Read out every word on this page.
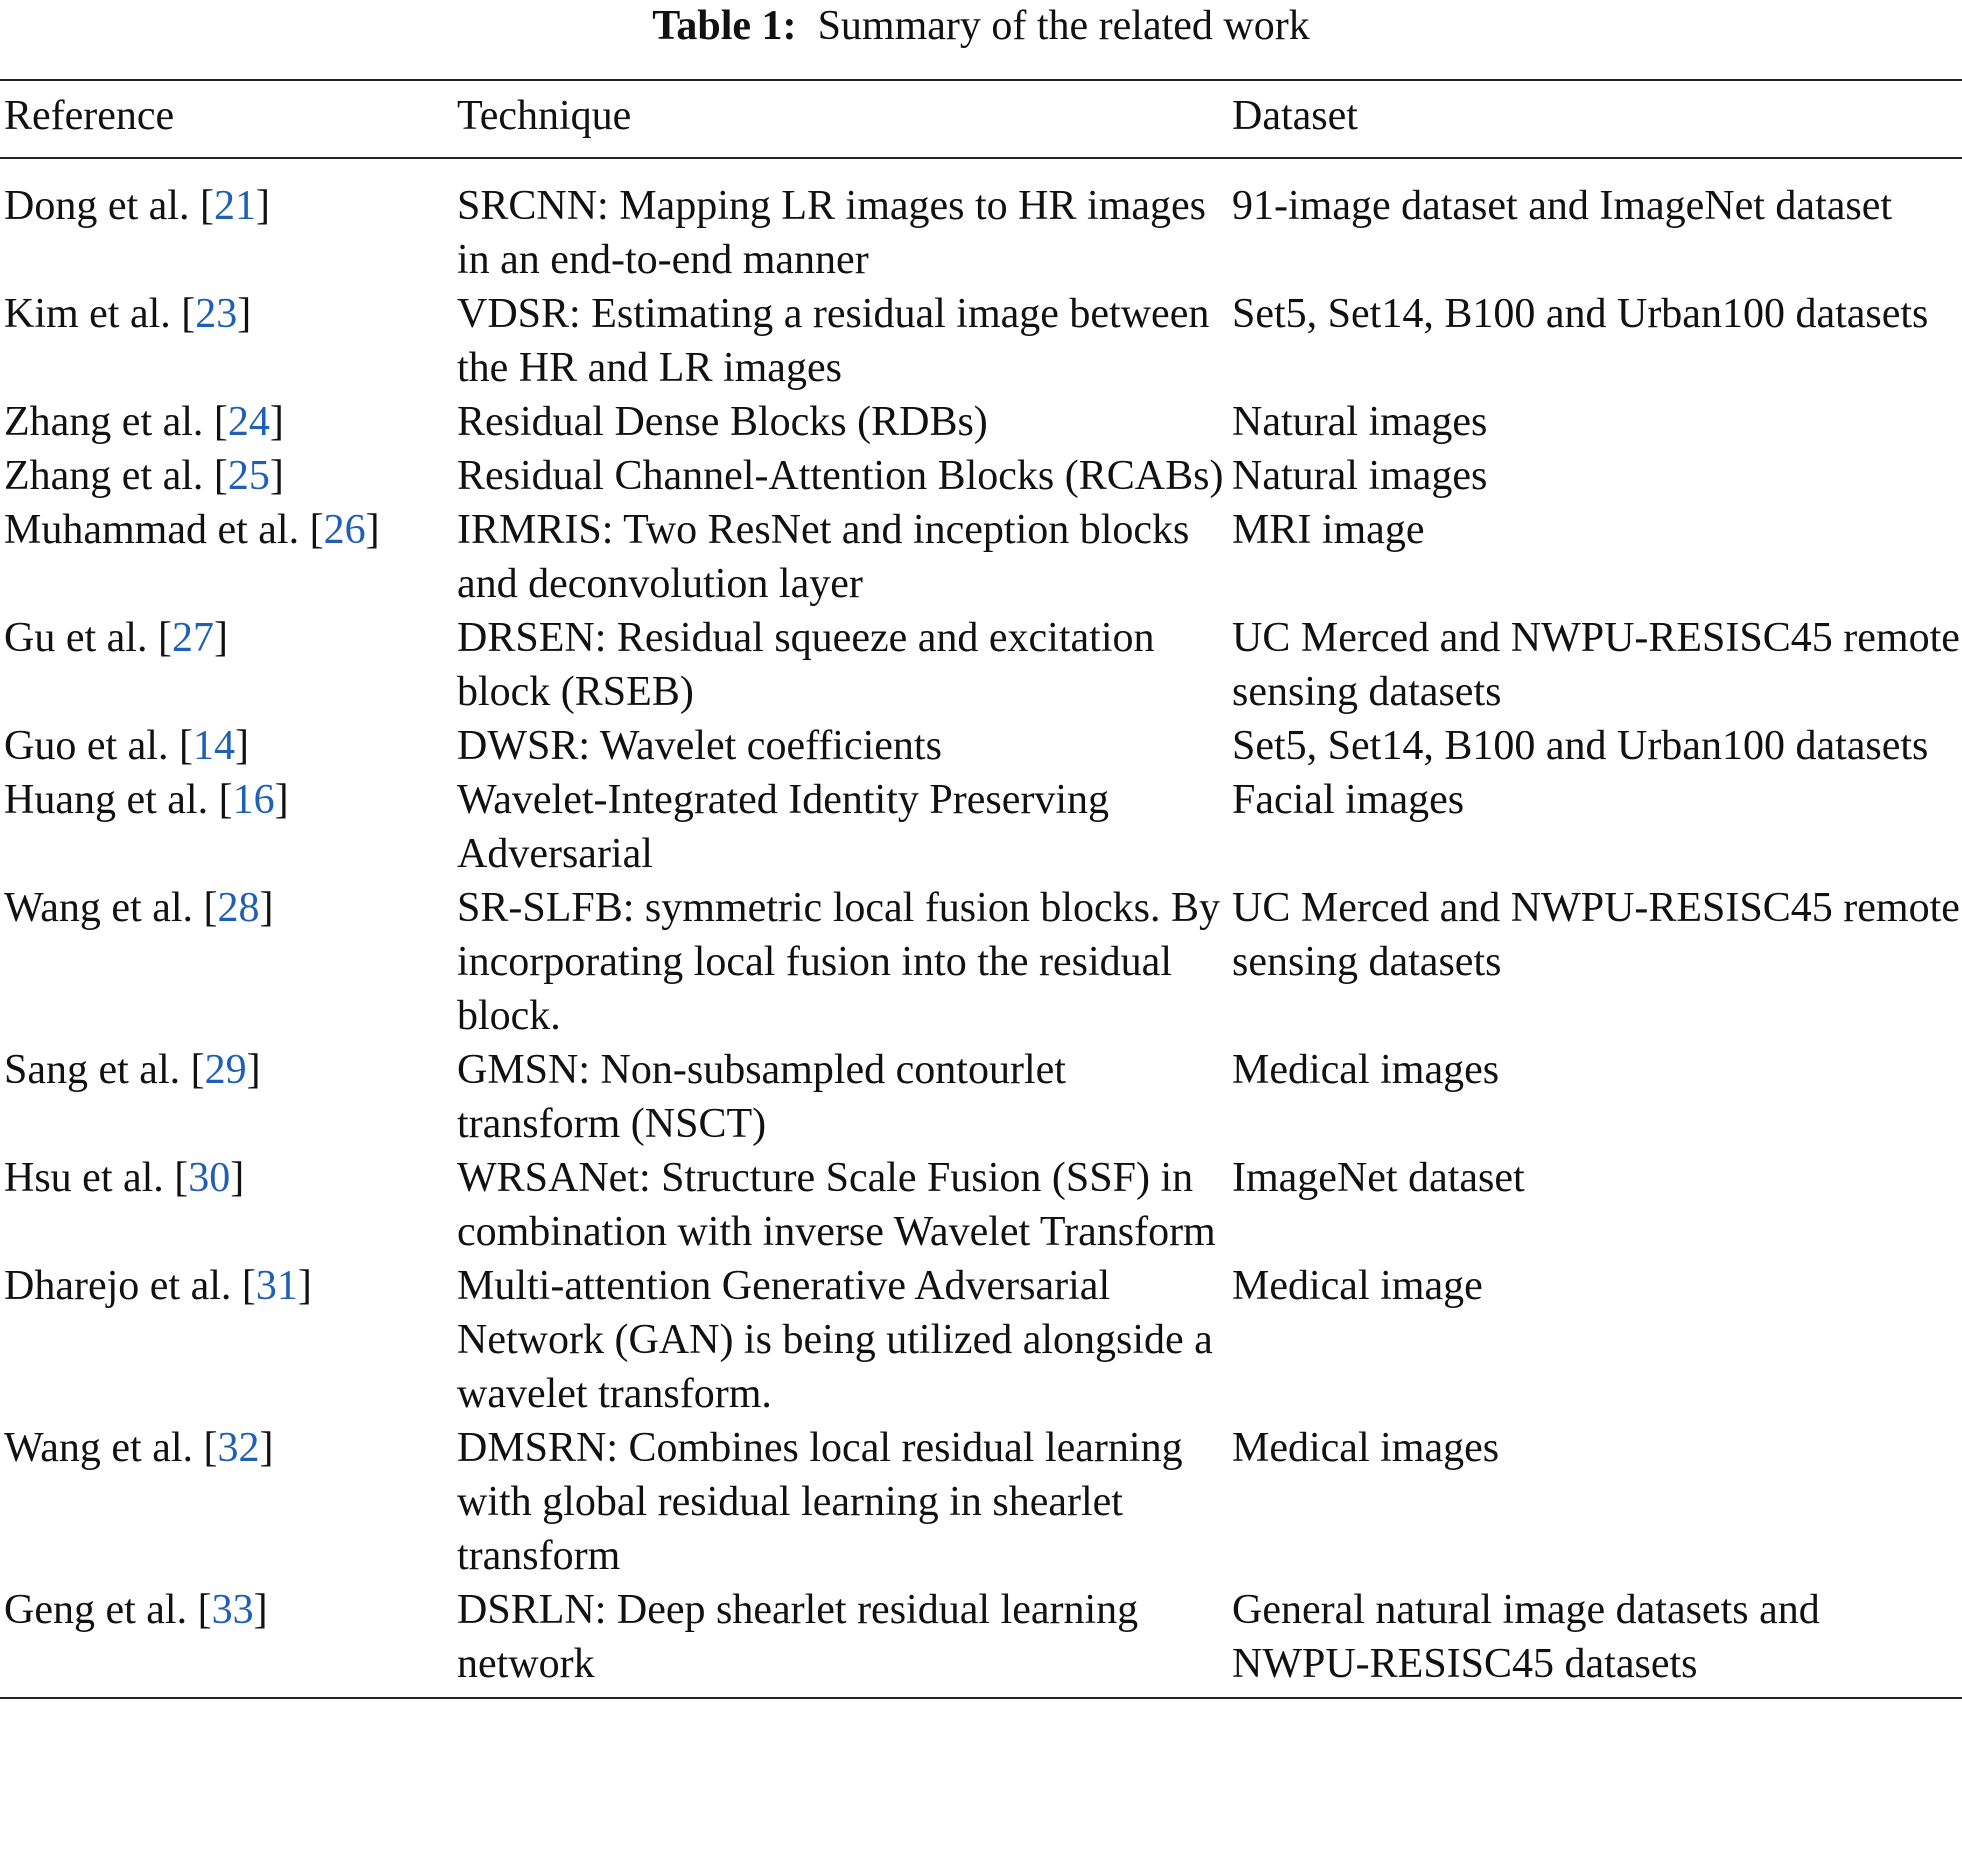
Table 1: Summary of the related work
Reference	Technique	Dataset
Dong et al. [21]	SRCNN: Mapping LR images to HR images in an end-to-end manner	91-image dataset and ImageNet dataset
Kim et al. [23]	VDSR: Estimating a residual image between the HR and LR images	Set5, Set14, B100 and Urban100 datasets
Zhang et al. [24]	Residual Dense Blocks (RDBs)	Natural images
Zhang et al. [25]	Residual Channel-Attention Blocks (RCABs)	Natural images
Muhammad et al. [26]	IRMRIS: Two ResNet and inception blocks and deconvolution layer	MRI image
Gu et al. [27]	DRSEN: Residual squeeze and excitation block (RSEB)	UC Merced and NWPU-RESISC45 remote sensing datasets
Guo et al. [14]	DWSR: Wavelet coefficients	Set5, Set14, B100 and Urban100 datasets
Huang et al. [16]	Wavelet-Integrated Identity Preserving Adversarial	Facial images
Wang et al. [28]	SR-SLFB: symmetric local fusion blocks. By incorporating local fusion into the residual block.	UC Merced and NWPU-RESISC45 remote sensing datasets
Sang et al. [29]	GMSN: Non-subsampled contourlet transform (NSCT)	Medical images
Hsu et al. [30]	WRSANet: Structure Scale Fusion (SSF) in combination with inverse Wavelet Transform	ImageNet dataset
Dharejo et al. [31]	Multi-attention Generative Adversarial Network (GAN) is being utilized alongside a wavelet transform.	Medical image
Wang et al. [32]	DMSRN: Combines local residual learning with global residual learning in shearlet transform	Medical images
Geng et al. [33]	DSRLN: Deep shearlet residual learning network	General natural image datasets and NWPU-RESISC45 datasets
